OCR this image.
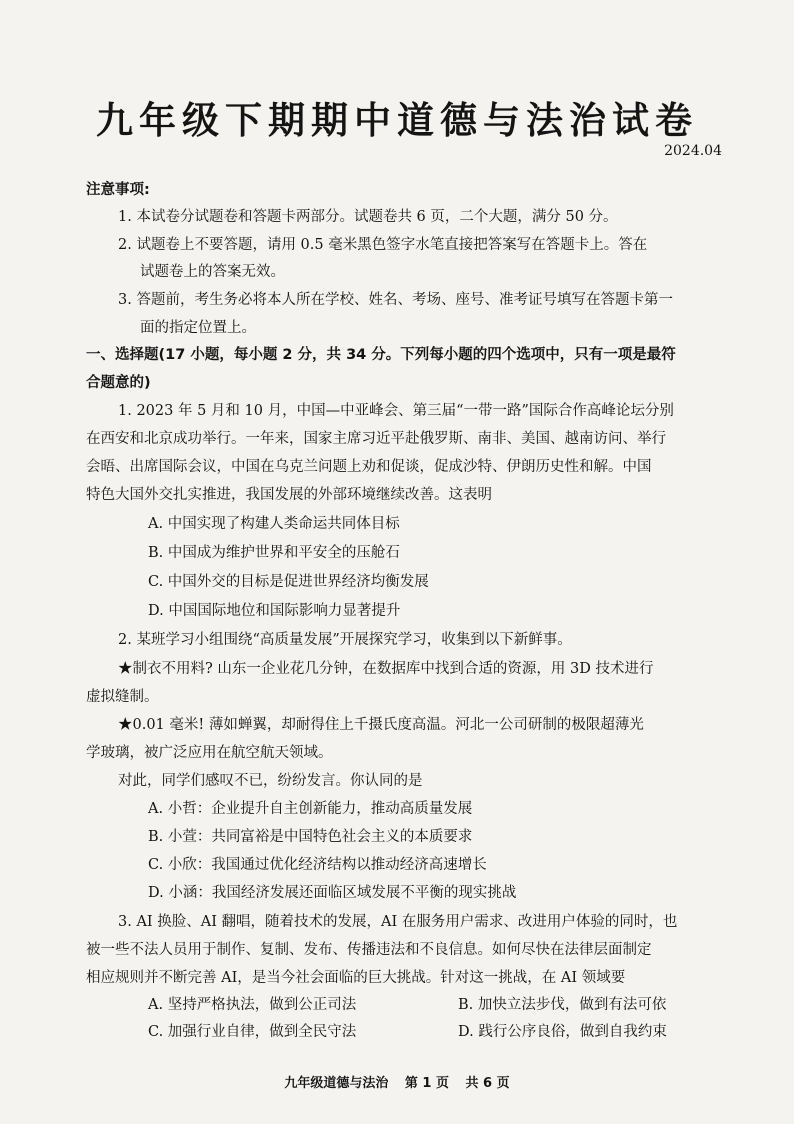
九年级下期期中道德与法治试卷
2024.04
注意事项:
1. 本试卷分试题卷和答题卡两部分。试题卷共 6 页，二个大题，满分 50 分。
2. 试题卷上不要答题，请用 0.5 毫米黑色签字水笔直接把答案写在答题卡上。答在
试题卷上的答案无效。
3. 答题前，考生务必将本人所在学校、姓名、考场、座号、准考证号填写在答题卡第一
面的指定位置上。
一、选择题(17 小题，每小题 2 分，共 34 分。下列每小题的四个选项中，只有一项是最符
合题意的)
1. 2023 年 5 月和 10 月，中国—中亚峰会、第三届“一带一路”国际合作高峰论坛分别
在西安和北京成功举行。一年来，国家主席习近平赴俄罗斯、南非、美国、越南访问、举行
会晤、出席国际会议，中国在乌克兰问题上劝和促谈，促成沙特、伊朗历史性和解。中国
特色大国外交扎实推进，我国发展的外部环境继续改善。这表明
A. 中国实现了构建人类命运共同体目标
B. 中国成为维护世界和平安全的压舱石
C. 中国外交的目标是促进世界经济均衡发展
D. 中国国际地位和国际影响力显著提升
2. 某班学习小组围绕“高质量发展”开展探究学习，收集到以下新鲜事。
★制衣不用料? 山东一企业花几分钟，在数据库中找到合适的资源，用 3D 技术进行
虚拟缝制。
★0.01 毫米! 薄如蝉翼，却耐得住上千摄氏度高温。河北一公司研制的极限超薄光
学玻璃，被广泛应用在航空航天领域。
对此，同学们感叹不已，纷纷发言。你认同的是
A. 小哲：企业提升自主创新能力，推动高质量发展
B. 小萱：共同富裕是中国特色社会主义的本质要求
C. 小欣：我国通过优化经济结构以推动经济高速增长
D. 小涵：我国经济发展还面临区域发展不平衡的现实挑战
3. AI 换脸、AI 翻唱，随着技术的发展，AI 在服务用户需求、改进用户体验的同时，也
被一些不法人员用于制作、复制、发布、传播违法和不良信息。如何尽快在法律层面制定
相应规则并不断完善 AI，是当今社会面临的巨大挑战。针对这一挑战，在 AI 领域要
A. 坚持严格执法，做到公正司法	B. 加快立法步伐，做到有法可依
C. 加强行业自律，做到全民守法	D. 践行公序良俗，做到自我约束
九年级道德与法治 第 1 页 共 6 页
